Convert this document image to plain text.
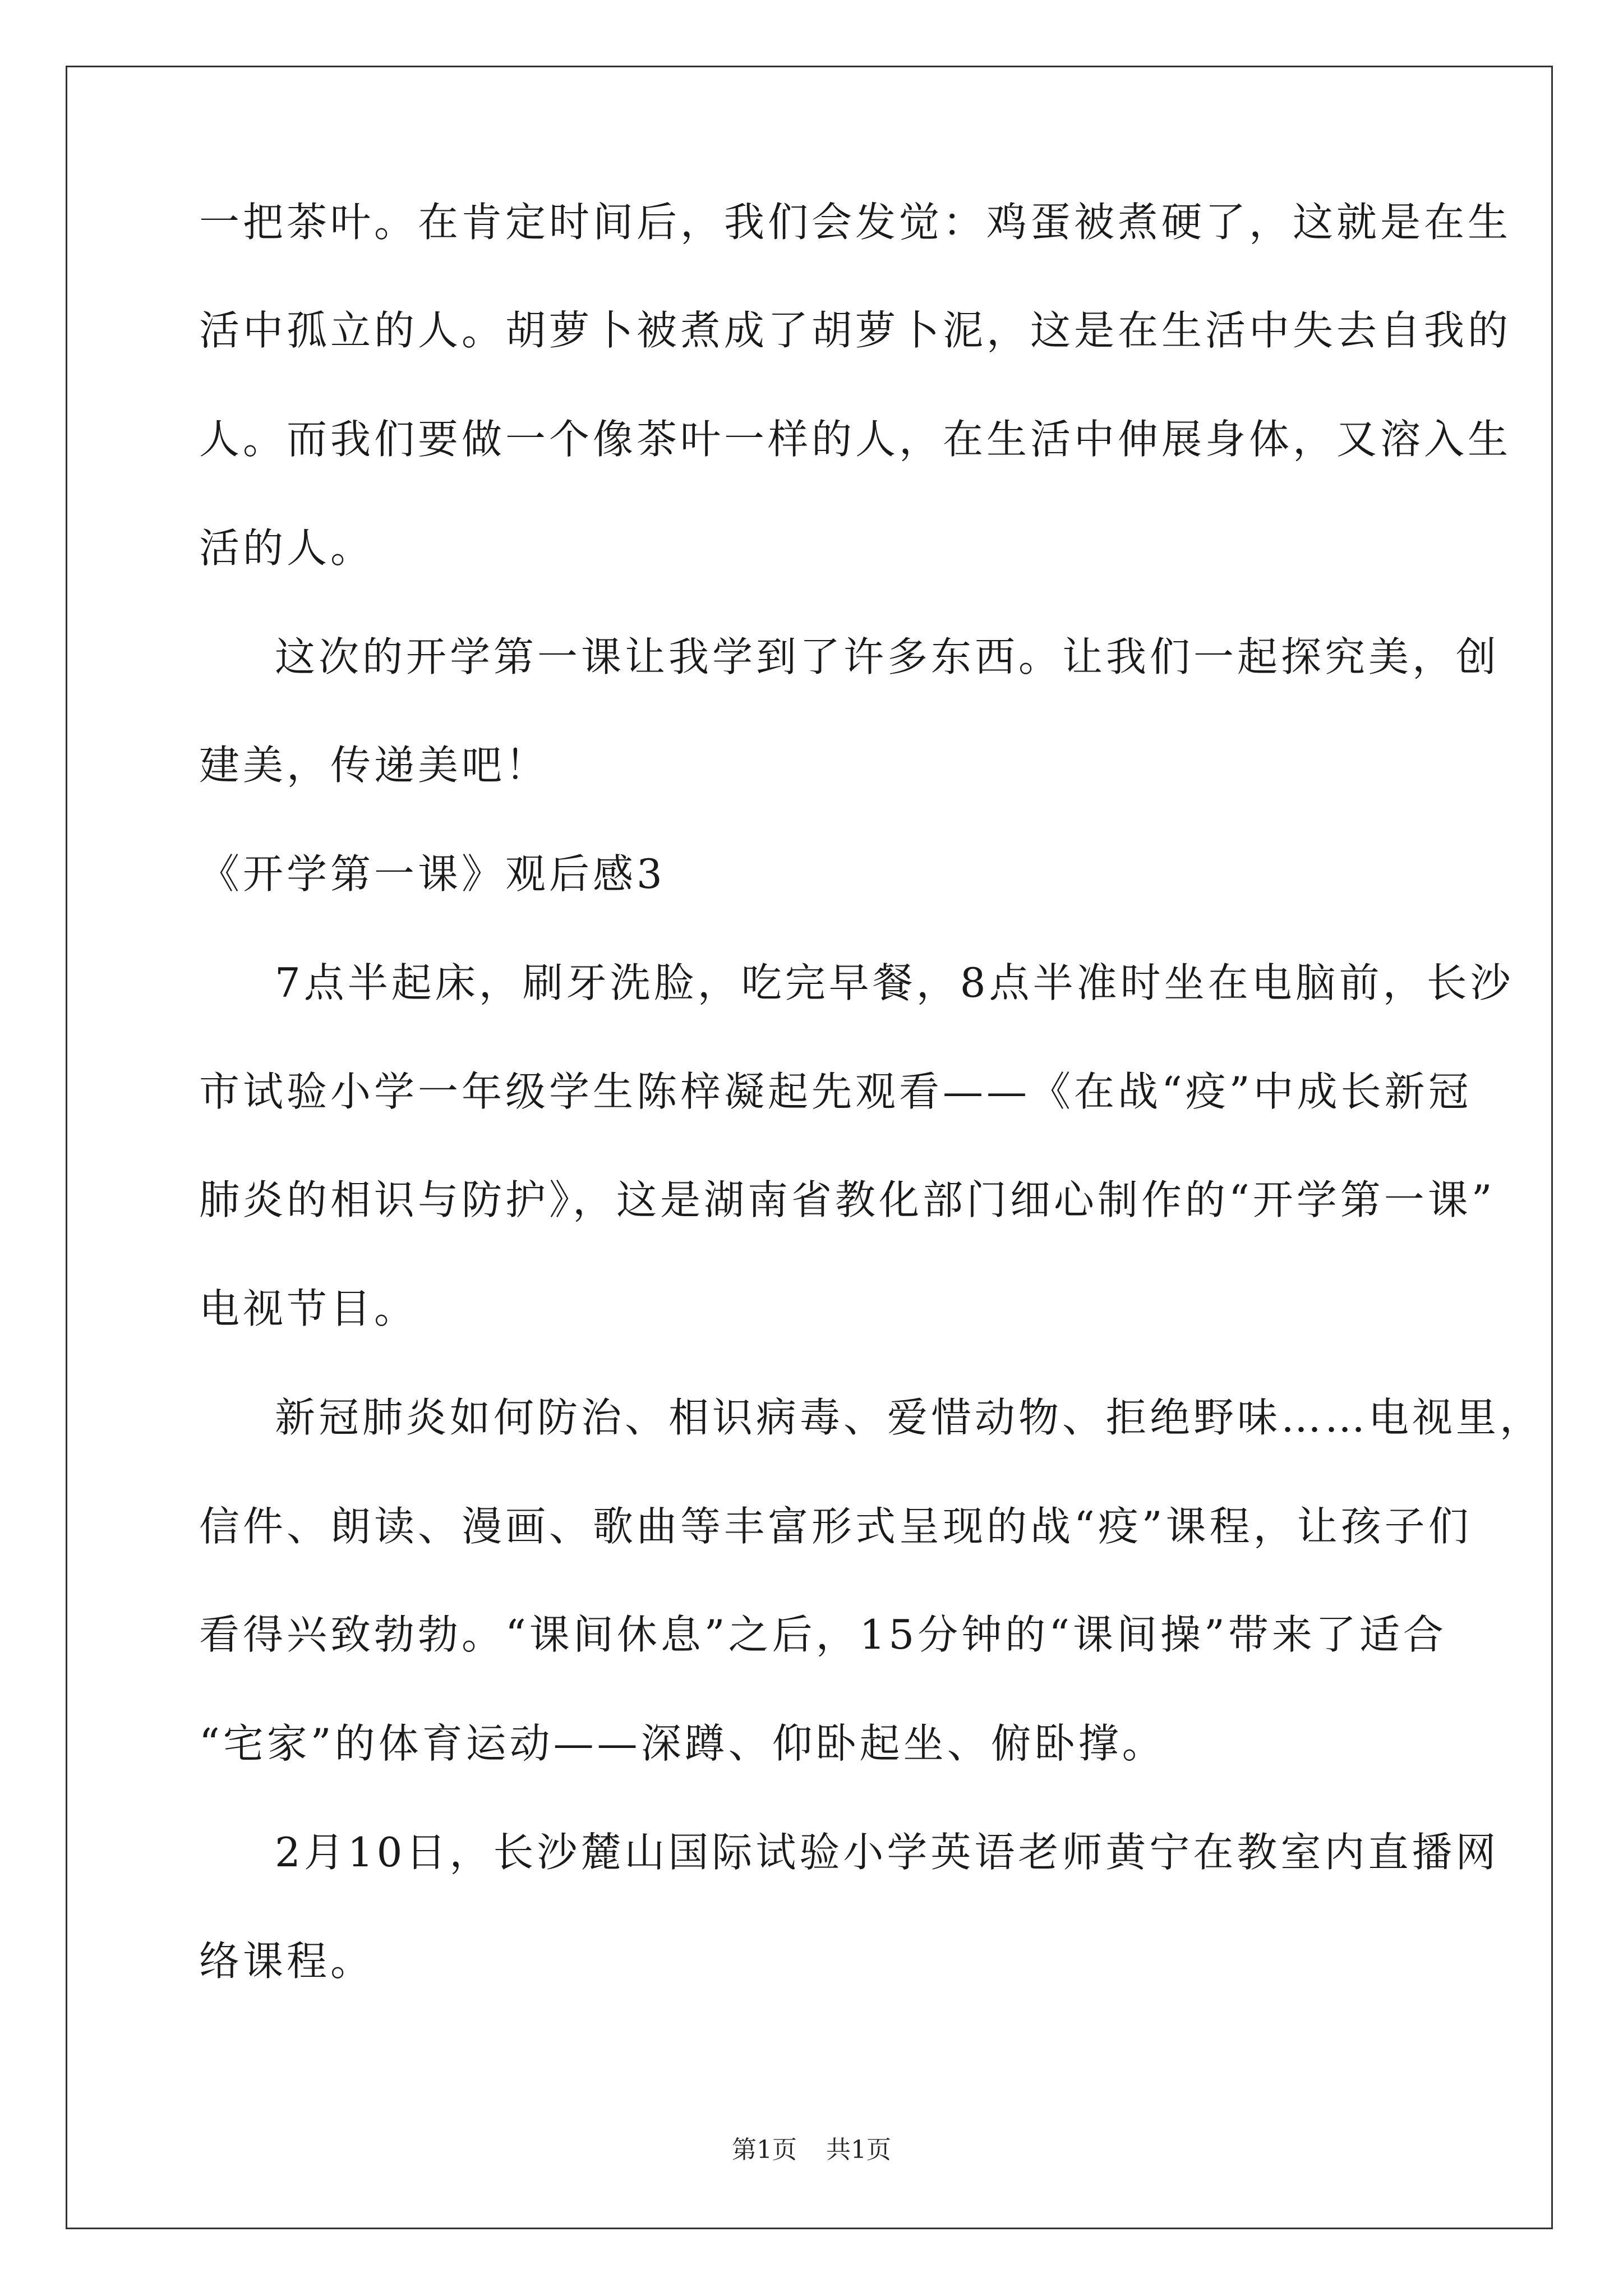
一把茶叶。在肯定时间后，我们会发觉：鸡蛋被煮硬了，这就是在生
活中孤立的人。胡萝卜被煮成了胡萝卜泥，这是在生活中失去自我的
人。而我们要做一个像茶叶一样的人，在生活中伸展身体，又溶入生
活的人。
这次的开学第一课让我学到了许多东西。让我们一起探究美，创
建美，传递美吧！
《开学第一课》观后感3
7点半起床，刷牙洗脸，吃完早餐，8点半准时坐在电脑前，长沙
市试验小学一年级学生陈梓凝起先观看——《在战“疫”中成长新冠
肺炎的相识与防护》，这是湖南省教化部门细心制作的“开学第一课”
电视节目。
新冠肺炎如何防治、相识病毒、爱惜动物、拒绝野味……电视里，
信件、朗读、漫画、歌曲等丰富形式呈现的战“疫”课程，让孩子们
看得兴致勃勃。“课间休息”之后，15分钟的“课间操”带来了适合
“宅家”的体育运动——深蹲、仰卧起坐、俯卧撑。
2月10日，长沙麓山国际试验小学英语老师黄宁在教室内直播网
络课程。
第1页 共1页
